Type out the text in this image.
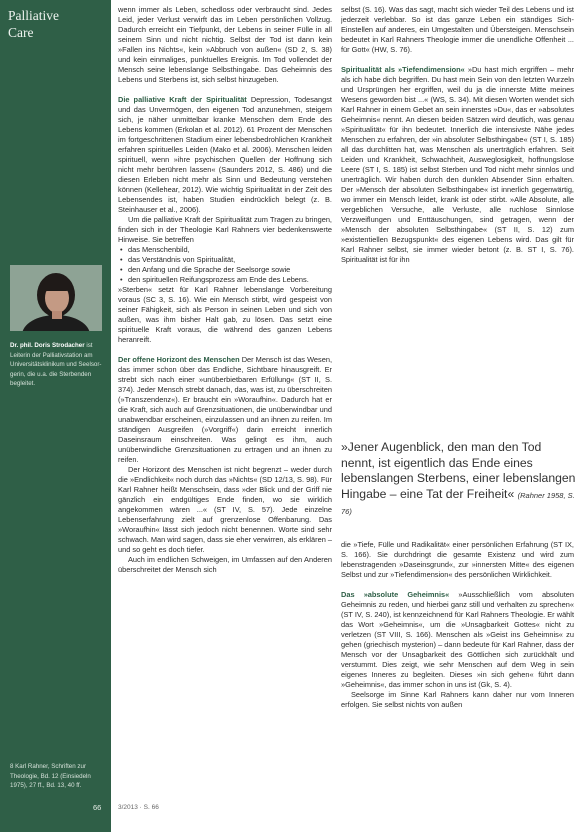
Palliative
Care
Dr. phil. Doris Strodacher ist Leiterin der Palliativstation am Universitätsklinikum und Seelsorgerin, die u.a. die Sterbenden begleitet.
8 Karl Rahner, Schriften zur Theologie, Bd. 12 (Einsiedeln 1975), 27 ff., Bd. 13, 40 ff.
66	3/2013 · S. 66

wenn immer als Leben, schedloss oder verbraucht sind. Jedes Leid, jeder Verlust verwirft das im Leben persönlichen Vollzug. Dadurch erreicht ein Tiefpunkt, der Lebens in seiner Fülle in all seinem Sinn und nicht nichtig. Selbst der Tod ist dann kein »Fallen ins Nichts«, kein »Abbruch von außen« (SD 2, S. 38) und kein einmaliges, punktuelles Ereignis. Im Tod vollendet der Mensch seine lebenslange Selbsthingabe. Das Geheimnis des Lebens und Sterbens ist, sich selbst hinzugeben.

Die palliative Kraft der Spiritualität Depression, Todesangst und das Unvermögen, den eigenen Tod anzunehmen, steigern sich, je näher unmittelbar kranke Menschen dem Ende des Lebens kommen (Erkolan et al. 2012). 61 Prozent der Menschen im fortgeschrittenen Stadium einer lebensbedrohlichen Krankheit erfahren spirituelles Leiden (Mako et al. 2006). Menschen leiden spirituell, wenn »ihre psychischen Quellen der Hoffnung sich nicht mehr berühren lassen« (Saunders 2012, S. 486) und die diesen Erleben nicht mehr als Sinn und Bedeutung verstehen können (Kellehear, 2012). Wie wichtig Spiritualität in der Zeit des Lebensendes ist, haben Studien eindrücklich belegt (z. B. Steinhauser et al., 2006).

Um die palliative Kraft der Spiritualität zum Tragen zu bringen, finden sich in der Theologie Karl Rahners vier bedenkenswerte Hinweise. Sie betreffen

• das Menschenbild,
• das Verständnis von Spiritualität,
• den Anfang und die Sprache der Seelsorge sowie
• den spirituellen Reifungsprozess am Ende des Lebens.

»Sterben« setzt für Karl Rahner lebenslange Vorbereitung voraus (SC 3, S. 16). Wie ein Mensch stirbt, wird gespeist von seiner Fähigkeit, sich als Person in seinen Leben und sich von außen, was ihm bisher Halt gab, zu lösen. Das setzt eine spirituelle Kraft voraus, die während des ganzen Lebens heranreift.

Der offene Horizont des Menschen Der Mensch ist das Wesen, das immer schon über das Endliche, Sichtbare hinausgreift. Er strebt sich nach einer »unüberbietbaren Erfüllung« (ST II, S. 374). Jeder Mensch strebt danach, das, was ist, zu überschreiten (»Transzendenz«). Er braucht ein »Woraufhin«. Dadurch hat er die Kraft, sich auch auf Grenzsituationen, die unüberwindbar und unabwendbar erscheinen, einzulassen und an ihnen zu reifen. Im ständigen Ausgreifen (»Vorgriff«) darin erreicht innerlich Daseinsraum einschreiten. Was gelingt es ihm, auch unüberwindliche Grenzsituationen zu ertragen und an ihnen zu reifen.

Der Horizont des Menschen ist nicht begrenzt – weder durch die »Endlichkeit« noch durch das »Nichts« (SD 12/13, S. 98). Für Karl Rahner heißt Menschsein, dass »der Blick und der Griff nie gänzlich ein endgültiges Ende finden, wo sie wirklich angekommen wären ...« (ST IV, S. 57). Jede einzelne Lebenserfahrung zielt auf grenzenlose Offenbarung. Das »Woraufhin« lässt sich jedoch nicht benennen. Worte sind sehr schwach. Man wird sagen, dass sie eher verwirren, als erklären – und so geht es doch tiefer.

Auch im endlichen Schweigen, im Umfassen auf den Anderen überschreitet der Mensch sich

selbst (S. 16). Was das sagt, macht sich wieder Teil des Lebens und ist jederzeit verlebbar. So ist das ganze Leben ein ständiges Sich-Einstellen auf anderes, ein Umgestalten und Übersteigen. Menschsein bedeutet in Karl Rahners Theologie immer die unendliche Offenheit ... für Gott« (HW, S. 76).

Spiritualität als »Tiefendimension« »Du hast mich ergriffen – mehr als ich habe dich begriffen. Du hast mein Sein von den letzten Wurzeln und Ursprüngen her ergriffen, weil du ja die innerste Mitte meines Wesens geworden bist ...« (WS, S. 34). Mit diesen Worten wendet sich Karl Rahner in einem Gebet an sein innerstes »Du«, das er »absolutes Geheimnis« nennt. An diesen beiden Sätzen wird deutlich, was genau »Spiritualität« für ihn bedeutet. Innerlich die intensivste Nähe jedes Menschen zu erfahren, der »in absoluter Selbsthingabe« (ST I, S. 185) all das durchlitten hat, was Menschen als unerträglich erfahren. Seit Leiden und Krankheit, Schwachheit, Ausweglosigkeit, hoffnungslose Leere (ST I, S. 185) ist selbst Sterben und Tod nicht mehr sinnlos und unerträglich. Wir haben durch den dunklen Absender Sinn erhalten. Der »Mensch der absoluten Selbsthingabe« ist innerlich gegenwärtig, wo immer ein Mensch leidet, krank ist oder stirbt. »Alle Absolute, alle vergeblichen Versuche, alle Verluste, alle ruchlose Sinnlose Verzweiflungen und Enttäuschungen, sind getragen, wenn der »Mensch der absoluten Selbsthingabe« (ST II, S. 12) zum »existentiellen Bezugspunkt« des eigenen Lebens wird. Das gilt für Karl Rahner selbst, sie immer wieder betont (z. B. ST I, S. 76). Spiritualität ist für ihn

»Jener Augenblick, den man den Tod nennt, ist eigentlich das Ende eines lebenslangen Sterbens, einer lebenslangen Hingabe – eine Tat der Freiheit« (Rahner 1958, S. 76)

die »Tiefe, Fülle und Radikalität« einer persönlichen Erfahrung (ST IX, S. 166). Sie durchdringt die gesamte Existenz und wird zum lebenstragenden »Daseinsgrund«, zur »innersten Mitte« des eigenen Selbst und zur »Tiefendimension« des persönlichen Wirklichkeit.

Das »absolute Geheimnis« »Ausschließlich vom absoluten Geheimnis zu reden, und hierbei ganz still und verhalten zu sprechen« (ST IV, S. 240), ist kennzeichnend für Karl Rahners Theologie. Er wählt das Wort »Geheimnis«, um die »Unsagbarkeit Gottes« nicht zu verletzen (ST VIII, S. 166). Menschen als »Geist ins Geheimnis« zu gehen (griechisch mysterion) – dann bedeute für Karl Rahner, dass der Mensch vor der Unsagbarkeit des Göttlichen sich zurückhält und verstummt. Dies zeigt, wie sehr Menschen auf dem Weg in sein eigenes Inneres zu begleiten. Dieses »in sich gehen« führt dann »Geheimnis«, das immer schon in uns ist (Gk, S. 4).

Seelsorge im Sinne Karl Rahners kann daher nur vom Inneren erfolgen. Sie selbst nichts von außen
